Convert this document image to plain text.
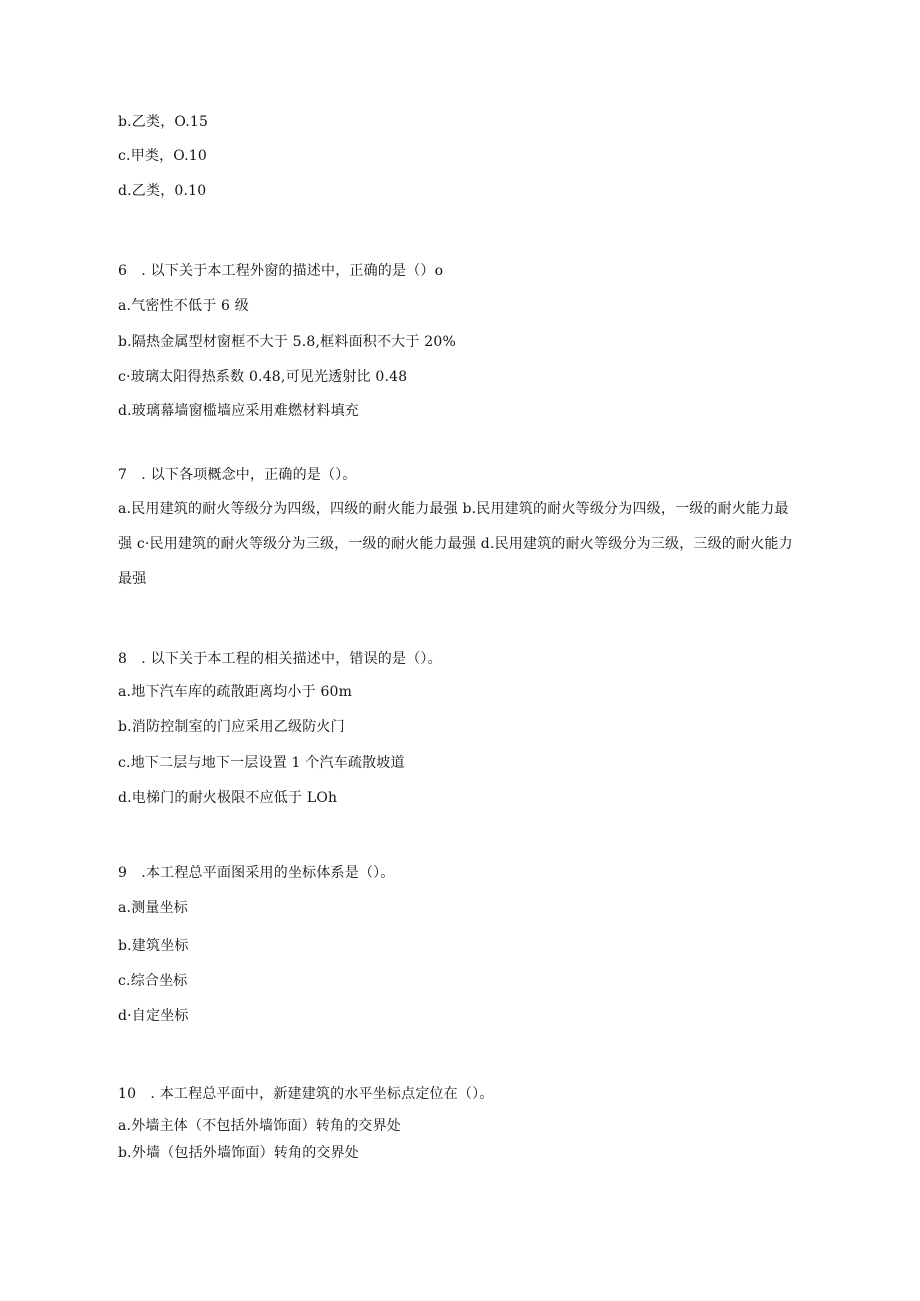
b.乙类，O.15
c.甲类，O.10
d.乙类，0.10
6　. 以下关于本工程外窗的描述中，正确的是（）o
a.气密性不低于 6 级
b.隔热金属型材窗框不大于 5.8,框料面积不大于 20%
c·玻璃太阳得热系数 0.48,可见光透射比 0.48
d.玻璃幕墙窗槛墙应采用难燃材料填充
7　. 以下各项概念中，正确的是（）。
a.民用建筑的耐火等级分为四级，四级的耐火能力最强 b.民用建筑的耐火等级分为四级，一级的耐火能力最强 c·民用建筑的耐火等级分为三级，一级的耐火能力最强 d.民用建筑的耐火等级分为三级，三级的耐火能力最强
8　. 以下关于本工程的相关描述中，错误的是（）。
a.地下汽车库的疏散距离均小于 60m
b.消防控制室的门应采用乙级防火门
c.地下二层与地下一层设置 1 个汽车疏散坡道
d.电梯门的耐火极限不应低于 LOh
9　.本工程总平面图采用的坐标体系是（）。
a.测量坐标
b.建筑坐标
c.综合坐标
d·自定坐标
10　. 本工程总平面中，新建建筑的水平坐标点定位在（）。
a.外墙主体（不包括外墙饰面）转角的交界处
b.外墙（包括外墙饰面）转角的交界处
